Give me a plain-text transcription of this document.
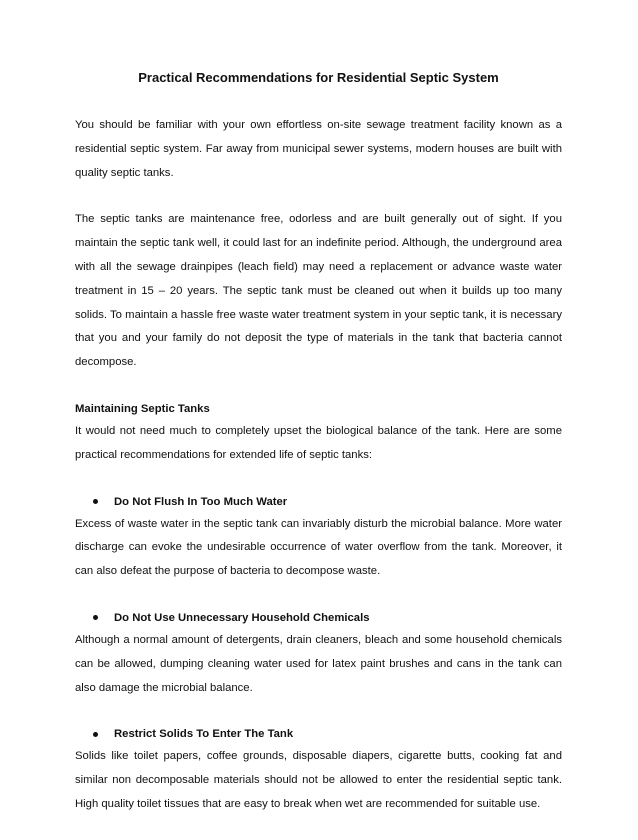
Practical Recommendations for Residential Septic System

You should be familiar with your own effortless on-site sewage treatment facility known as a residential septic system. Far away from municipal sewer systems, modern houses are built with quality septic tanks.

The septic tanks are maintenance free, odorless and are built generally out of sight. If you maintain the septic tank well, it could last for an indefinite period. Although, the underground area with all the sewage drainpipes (leach field) may need a replacement or advance waste water treatment in 15 – 20 years. The septic tank must be cleaned out when it builds up too many solids. To maintain a hassle free waste water treatment system in your septic tank, it is necessary that you and your family do not deposit the type of materials in the tank that bacteria cannot decompose.

Maintaining Septic Tanks

It would not need much to completely upset the biological balance of the tank. Here are some practical recommendations for extended life of septic tanks:

Do Not Flush In Too Much Water

Excess of waste water in the septic tank can invariably disturb the microbial balance. More water discharge can evoke the undesirable occurrence of water overflow from the tank. Moreover, it can also defeat the purpose of bacteria to decompose waste.

Do Not Use Unnecessary Household Chemicals

Although a normal amount of detergents, drain cleaners, bleach and some household chemicals can be allowed, dumping cleaning water used for latex paint brushes and cans in the tank can also damage the microbial balance.

Restrict Solids To Enter The Tank

Solids like toilet papers, coffee grounds, disposable diapers, cigarette butts, cooking fat and similar non decomposable materials should not be allowed to enter the residential septic tank. High quality toilet tissues that are easy to break when wet are recommended for suitable use.
